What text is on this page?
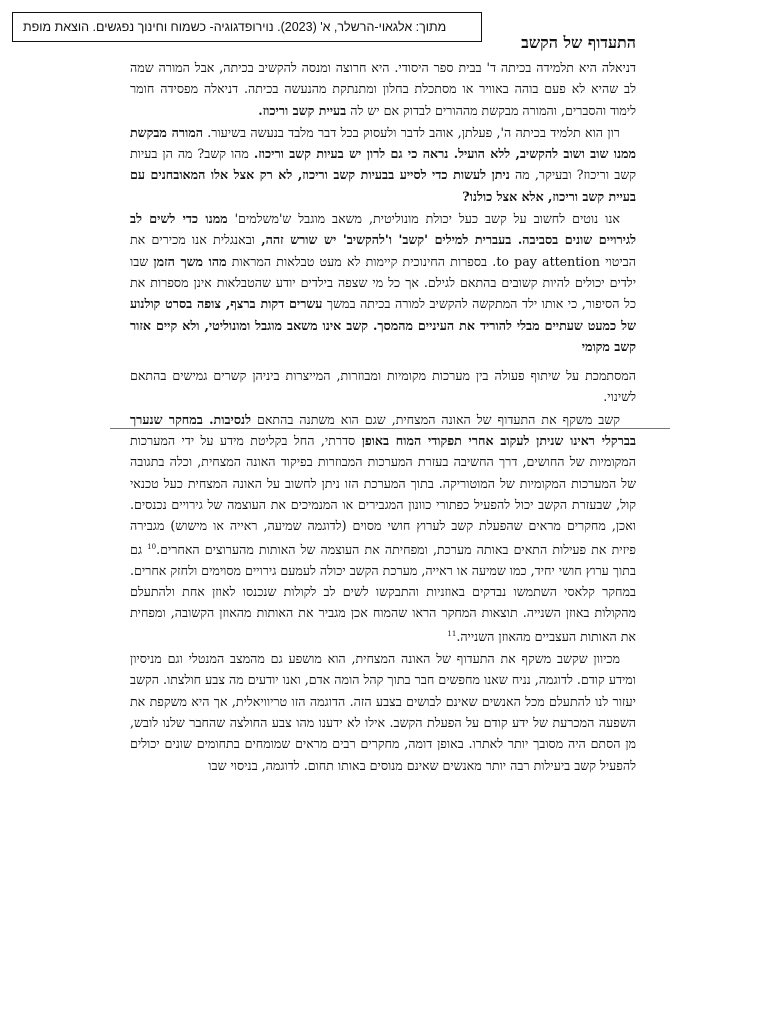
מתוך: אלגאוי-הרשלר, א' (2023). נוירופדגוגיה- כשמוח וחינוך נפגשים. הוצאת מופת
התעדוף של הקשב

דניאלה היא תלמידה בכיתה ד' בבית ספר היסודי. היא חרוצה ומנסה להקשיב בכיתה, אבל המורה שמה לב שהיא לא פעם בוהה באוויר או מסתכלת בחלון ומתנתקת מהנעשה בכיתה. דניאלה מפסידה חומר לימוד והסברים, והמורה מבקשת מההורים לבדוק אם יש לה בעיית קשב וריכוז.

רון הוא תלמיד בכיתה ה', פעלתן, אוהב לדבר ולעסוק בכל דבר מלבד בנעשה בשיעור. המורה מבקשת ממנו שוב ושוב להקשיב, ללא הועיל. נראה כי גם לרון יש בעיות קשב וריכוז. מהו קשב? מה הן בעיות קשב וריכוז? ובעיקר, מה ניתן לעשות כדי לסייע בבעיות קשב וריכוז, לא רק אצל אלו המאובחנים עם בעיית קשב וריכוז, אלא אצל כולנו?

אנו נוטים לחשוב על קשב כעל יכולת מונוליטית, משאב מוגבל ש'משלמים' ממנו כדי לשים לב לגירויים שונים בסביבה. בעברית למילים 'קשב' ו'להקשיב' יש שורש זהה, ובאנגלית אנו מכירים את הביטוי to pay attention. בספרות החינוכית קיימות לא מעט טבלאות המראות מהו משך הזמן שבו ילדים יכולים להיות קשובים בהתאם לגילם. אך כל מי שצפה בילדים יודע שהטבלאות אינן מספרות את כל הסיפור, כי אותו ילד המתקשה להקשיב למורה בכיתה במשך עשרים דקות ברצף, צופה בסרט קולנוע של כמעט שעתיים מבלי להוריד את העיניים מהמסך. קשב אינו משאב מוגבל ומונוליטי, ולא קיים אזור קשב מקומי

המסתמכת על שיתוף פעולה בין מערכות מקומיות ומבוזרות, המייצרות ביניהן קשרים גמישים בהתאם לשינוי.

קשב משקף את התעדוף של האונה המצחית, שגם הוא משתנה בהתאם לנסיבות. במחקר שנערך בברקלי ראינו שניתן לעקוב אחרי תפקודי המוח באופן סדרתי, החל בקליטת מידע על ידי המערכות המקומיות של החושים, דרך החשיבה בעזרת המערכות המבוזרות בפיקוד האונה המצחית, וכלה בתגובה של המערכות המקומיות של המוטוריקה. בתוך המערכת הזו ניתן לחשוב על האונה המצחית כעל טכנאי קול, שבעזרת הקשב יכול להפעיל כפתורי כוונון המגבירים או המנמיכים את העוצמה של גירויים נכנסים. ואכן, מחקרים מראים שהפעלת קשב לערוץ חושי מסוים (לדוגמה שמיעה, ראייה או מישוש) מגבירה פיזית את פעילות התאים באותה מערכת, ומפחיתה את העוצמה של האותות מהערוצים האחרים.$^{10}$ גם בתוך ערוץ חושי יחיד, כמו שמיעה או ראייה, מערכת הקשב יכולה לעמעם גירויים מסוימים ולחזק אחרים. במחקר קלאסי השתמשו נבדקים באוזניות והתבקשו לשים לב לקולות שנכנסו לאוזן אחת ולהתעלם מהקולות באוזן השנייה. תוצאות המחקר הראו שהמוח אכן מגביר את האותות מהאוזן הקשובה, ומפחית את האותות העצביים מהאוזן השנייה.$^{11}$

מכיוון שקשב משקף את התעדוף של האונה המצחית, הוא מושפע גם מהמצב המנטלי וגם מניסיון ומידע קודם. לדוגמה, נניח שאנו מחפשים חבר בתוך קהל הומה אדם, ואנו יודעים מה צבע חולצתו. הקשב יעזור לנו להתעלם מכל האנשים שאינם לבושים בצבע הזה. הדוגמה הזו טריוויאלית, אך היא משקפת את השפעה המכרעת של ידע קודם על הפעלת הקשב. אילו לא ידענו מהו צבע החולצה שהחבר שלנו לובש, מן הסתם היה מסובך יותר לאתרו. באופן דומה, מחקרים רבים מראים שמומחים בתחומים שונים יכולים להפעיל קשב ביעילות רבה יותר מאנשים שאינם מנוסים באותו תחום. לדוגמה, בניסוי שבו
